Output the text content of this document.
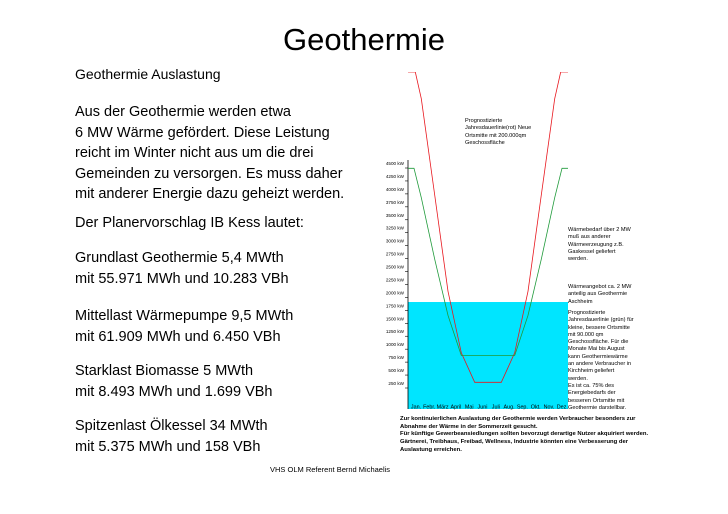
Geothermie
Geothermie Auslastung
Aus der Geothermie werden etwa
6 MW Wärme gefördert. Diese Leistung
reicht im Winter nicht aus um die drei
Gemeinden zu versorgen. Es muss daher
mit anderer Energie dazu geheizt werden.
Der Planervorschlag IB Kess lautet:
Grundlast Geothermie 5,4 MWth
mit 55.971 MWh und 10.283 VBh
Mittellast Wärmepumpe 9,5 MWth
mit 61.909 MWh und 6.450 VBh
Starklast Biomasse 5 MWth
mit 8.493 MWh und 1.699 VBh
Spitzenlast Ölkessel 34 MWth
mit 5.375 MWh und 158 VBh
4500 kW
4250 kW
4000 kW
3750 kW
3500 kW
3250 kW
3000 kW
2750 kW
2500 kW
2250 kW
2000 kW
1750 kW
1500 kW
1250 kW
1000 kW
750 kW
500 kW
250 kW
Jan. Febr. März April Mai Juni Juli Aug. Sep. Okt. Nov. Dez.
Prognostizierte
Jahresdauerlinie(rot) Neue
Ortsmitte mit 200.000qm
Geschossfläche
Wärmebedarf über 2 MW
muß aus anderer
Wärmeerzeugung z.B.
Gaskessel geliefert
werden.
Wärmeangebot ca. 2 MW
anteilig aus Geothermie
Aschheim
Prognostizierte
Jahresdauerlinie (grün) für
kleine, bessere Ortsmitte
mit 90.000 qm
Geschossfläche. Für die
Monate Mai bis August
kann Geothermiewärme
an andere Verbraucher in
Kirchheim geliefert
werden.
Es ist ca. 75% des
Energiebedarfs der
besseren Ortsmitte mit
Geothermie darstellbar.
Zur kontinuierlichen Auslastung der Geothermie werden Verbraucher besonders zur
Abnahme der Wärme in der Sommerzeit gesucht.
Für künftige Gewerbeansiedlungen sollten bevorzugt derartige Nutzer akquiriert werden.
Gärtnerei, Treibhaus, Freibad, Wellness, Industrie könnten eine Verbesserung der
Auslastung erreichen.
VHS OLM Referent Bernd Michaelis
